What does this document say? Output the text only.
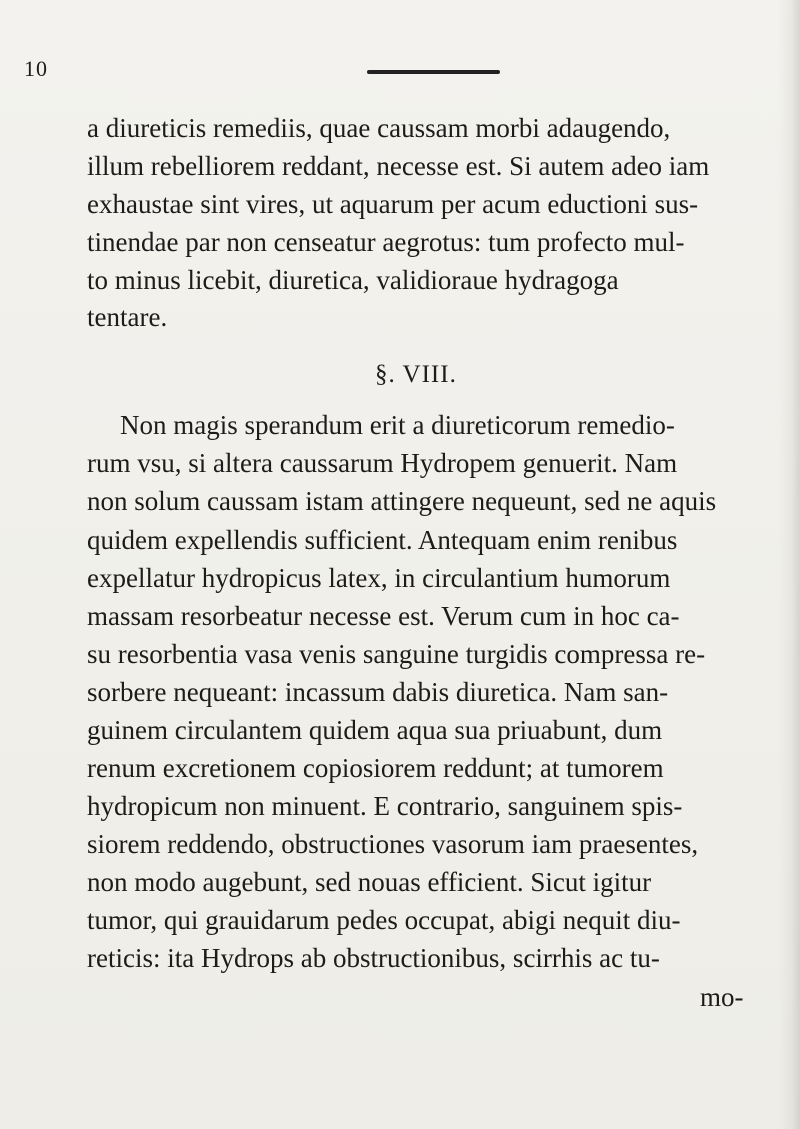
10
a diureticis remediis, quae caussam morbi adaugendo,
illum rebelliorem reddant, necesse est. Si autem adeo iam
exhaustae sint vires, ut aquarum per acum eductioni sus-
tinendae par non censeatur aegrotus: tum profecto mul-
to minus licebit, diuretica, validioraue hydragoga
tentare.
§. VIII.
Non magis sperandum erit a diureticorum remedio-
rum vsu, si altera caussarum Hydropem genuerit. Nam
non solum caussam istam attingere nequeunt, sed ne aquis
quidem expellendis sufficient. Antequam enim renibus
expellatur hydropicus latex, in circulantium humorum
massam resorbeatur necesse est. Verum cum in hoc ca-
su resorbentia vasa venis sanguine turgidis compressa re-
sorbere nequeant: incassum dabis diuretica. Nam san-
guinem circulantem quidem aqua sua priuabunt, dum
renum excretionem copiosiorem reddunt; at tumorem
hydropicum non minuent. E contrario, sanguinem spis-
siorem reddendo, obstructiones vasorum iam praesentes,
non modo augebunt, sed nouas efficient. Sicut igitur
tumor, qui grauidarum pedes occupat, abigi nequit diu-
reticis: ita Hydrops ab obstructionibus, scirrhis ac tu-
mo-
